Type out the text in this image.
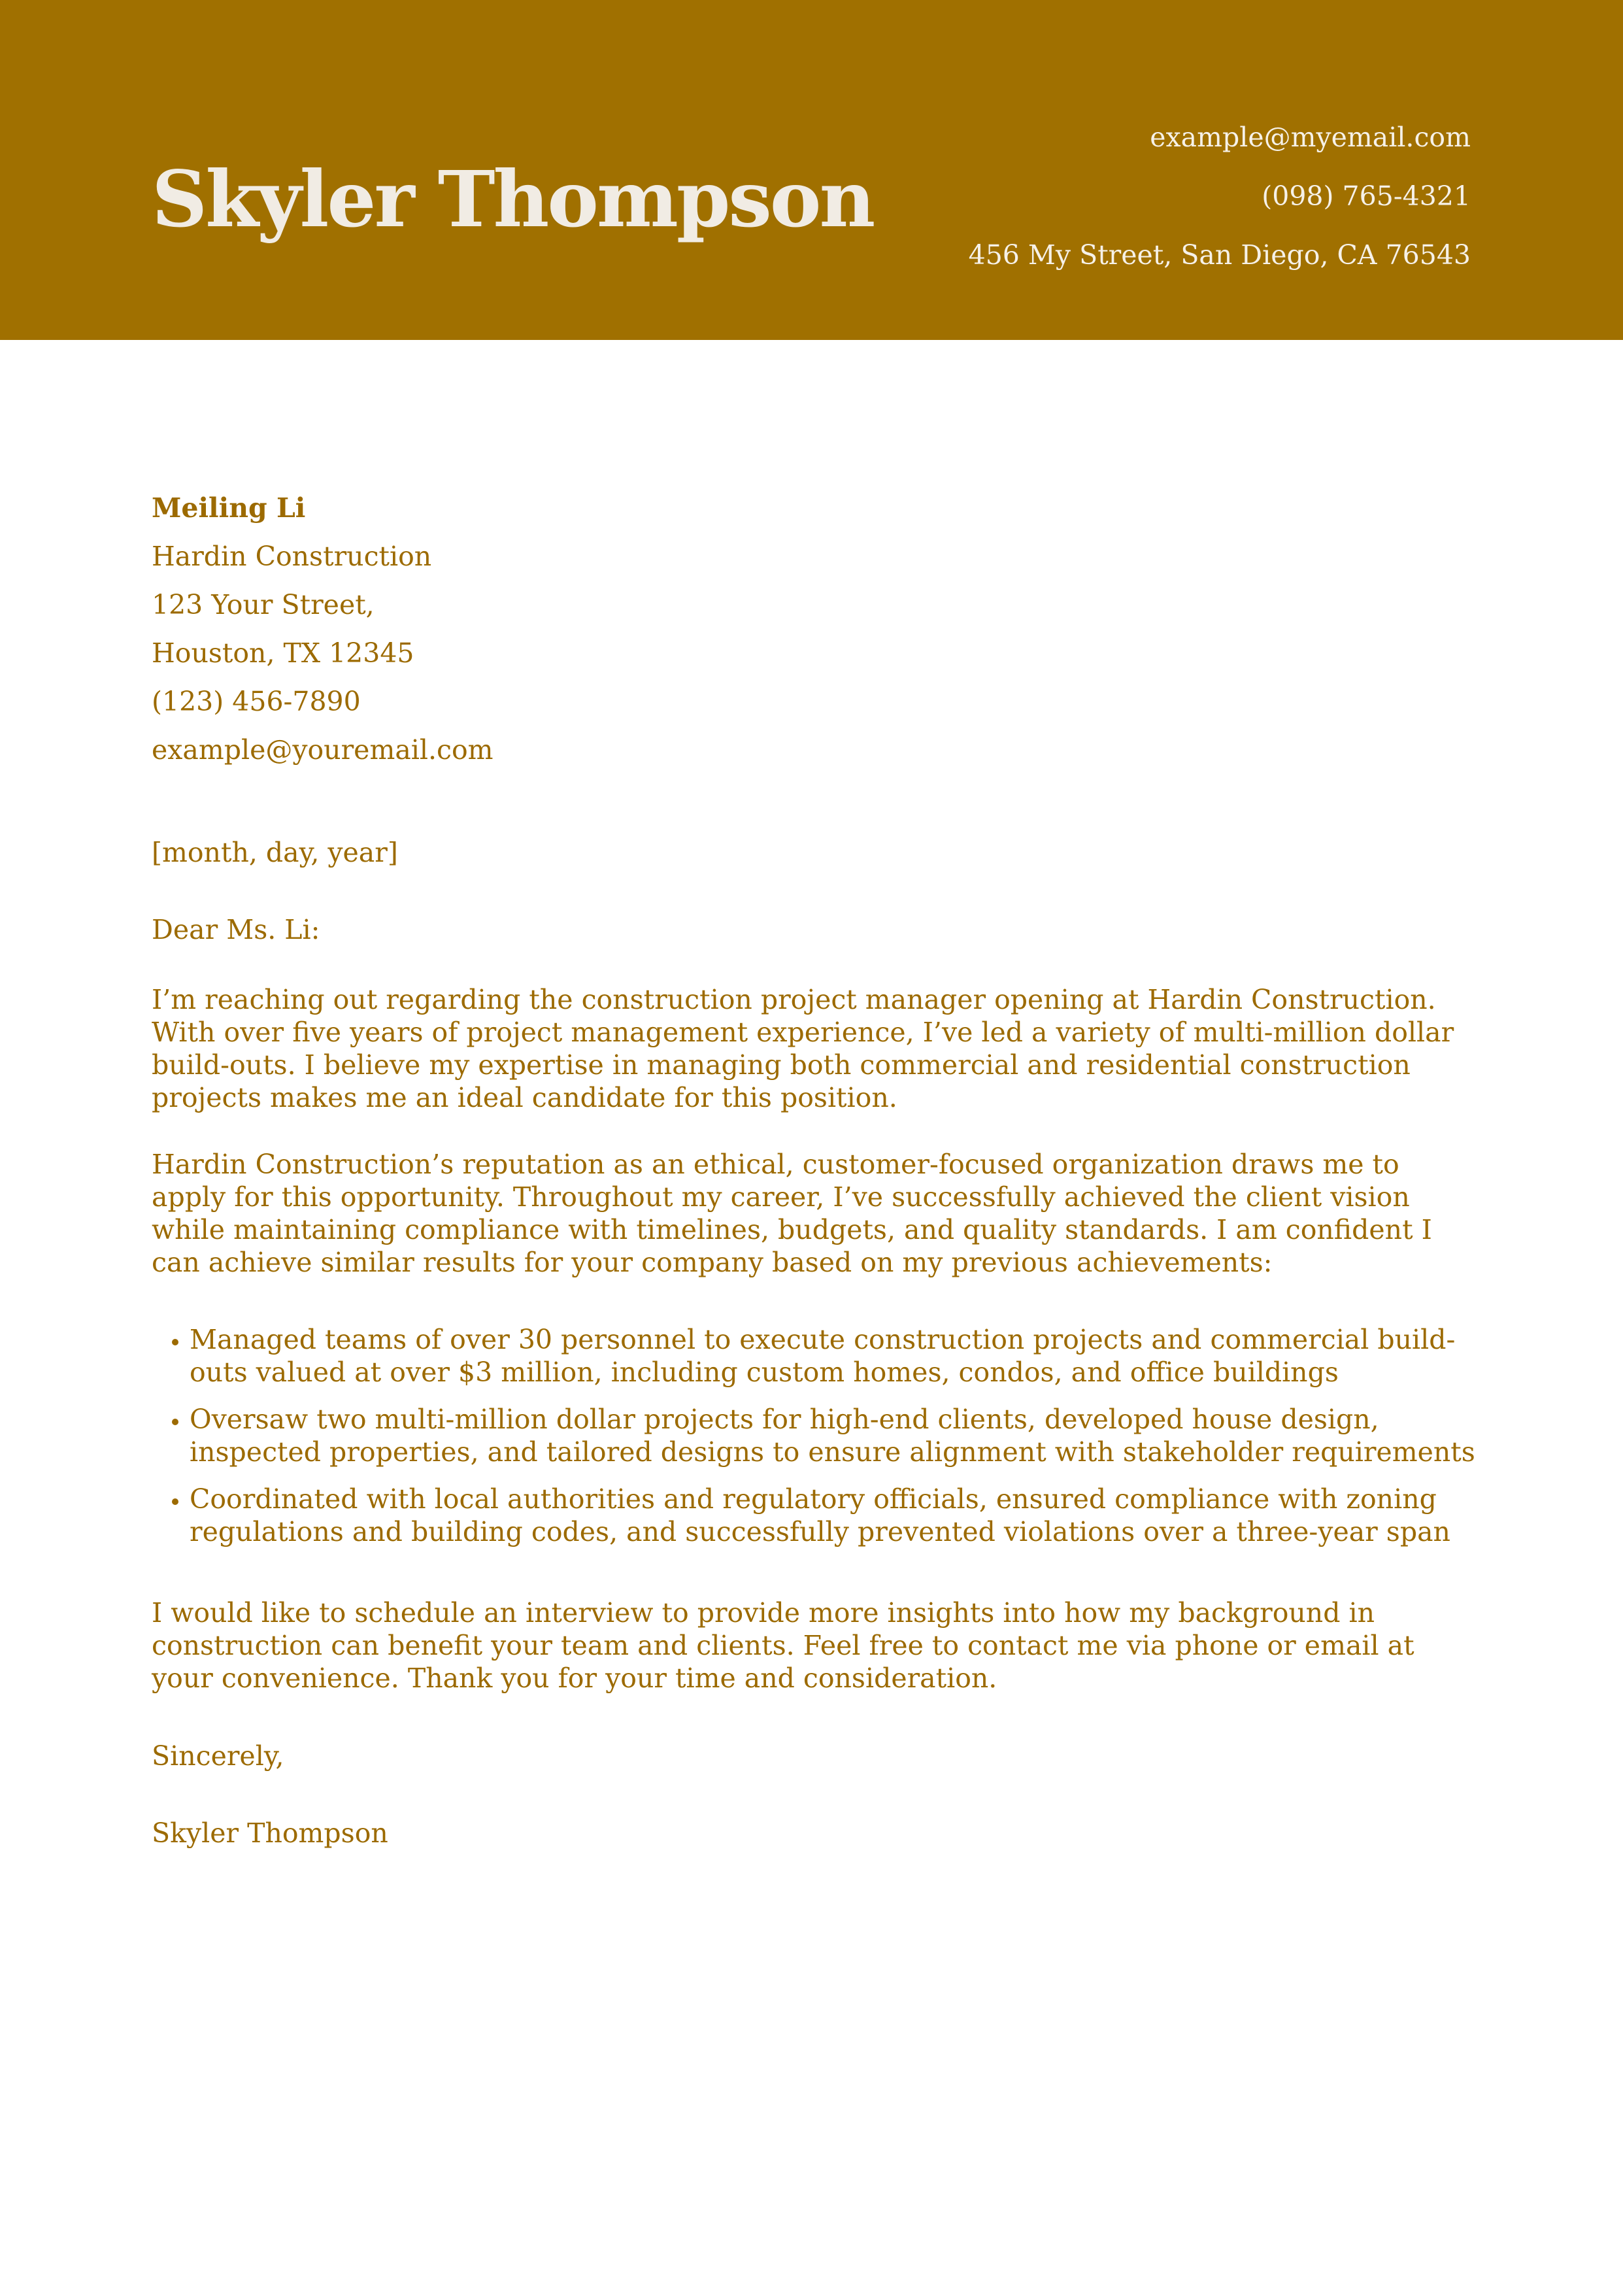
Skyler Thompson
example@myemail.com
(098) 765-4321
456 My Street, San Diego, CA 76543
Meiling Li
Hardin Construction
123 Your Street,
Houston, TX 12345
(123) 456-7890
example@youremail.com
[month, day, year]
Dear Ms. Li:

I’m reaching out regarding the construction project manager opening at Hardin Construction. With over five years of project management experience, I’ve led a variety of multi-million dollar build-outs. I believe my expertise in managing both commercial and residential construction projects makes me an ideal candidate for this position.

Hardin Construction’s reputation as an ethical, customer-focused organization draws me to apply for this opportunity. Throughout my career, I’ve successfully achieved the client vision while maintaining compliance with timelines, budgets, and quality standards. I am confident I can achieve similar results for your company based on my previous achievements:

• Managed teams of over 30 personnel to execute construction projects and commercial build-outs valued at over $3 million, including custom homes, condos, and office buildings
• Oversaw two multi-million dollar projects for high-end clients, developed house design, inspected properties, and tailored designs to ensure alignment with stakeholder requirements
• Coordinated with local authorities and regulatory officials, ensured compliance with zoning regulations and building codes, and successfully prevented violations over a three-year span

I would like to schedule an interview to provide more insights into how my background in construction can benefit your team and clients. Feel free to contact me via phone or email at your convenience. Thank you for your time and consideration.

Sincerely,
Skyler Thompson
